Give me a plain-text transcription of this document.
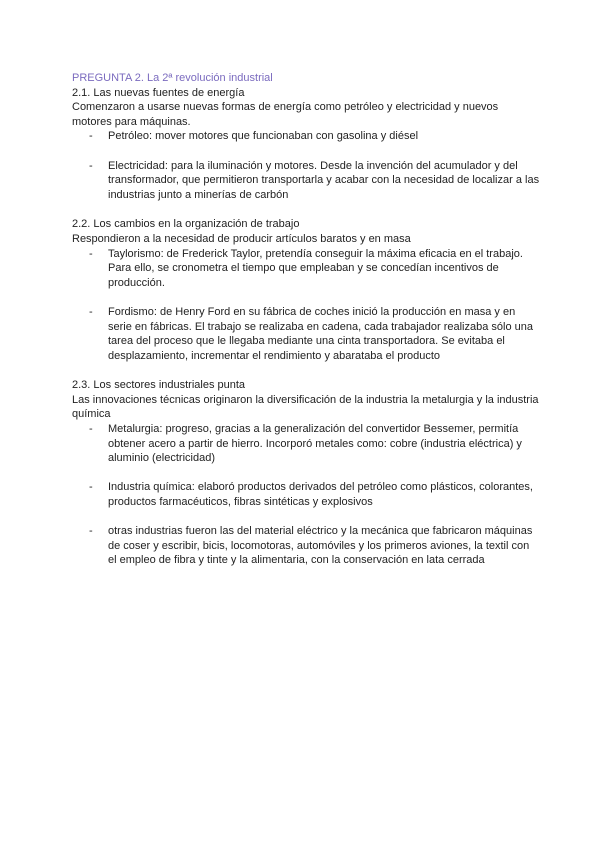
PREGUNTA 2. La 2ª revolución industrial

2.1. Las nuevas fuentes de energía

Comenzaron a usarse nuevas formas de energía como petróleo y electricidad y nuevos motores para máquinas.

- Petróleo: mover motores que funcionaban con gasolina y diésel
- Electricidad: para la iluminación y motores. Desde la invención del acumulador y del transformador, que permitieron transportarla y acabar con la necesidad de localizar a las industrias junto a minerías de carbón

2.2. Los cambios en la organización de trabajo

Respondieron a la necesidad de producir artículos baratos y en masa

- Taylorismo: de Frederick Taylor, pretendía conseguir la máxima eficacia en el trabajo. Para ello, se cronometra el tiempo que empleaban y se concedían incentivos de producción.
- Fordismo: de Henry Ford en su fábrica de coches inició la producción en masa y en serie en fábricas. El trabajo se realizaba en cadena, cada trabajador realizaba sólo una tarea del proceso que le llegaba mediante una cinta transportadora. Se evitaba el desplazamiento, incrementar el rendimiento y abarataba el producto

2.3. Los sectores industriales punta

Las innovaciones técnicas originaron la diversificación de la industria la metalurgia y la industria química

- Metalurgia: progreso, gracias a la generalización del convertidor Bessemer, permitía obtener acero a partir de hierro. Incorporó metales como: cobre (industria eléctrica) y aluminio (electricidad)
- Industria química: elaboró productos derivados del petróleo como plásticos, colorantes, productos farmacéuticos, fibras sintéticas y explosivos
- otras industrias fueron las del material eléctrico y la mecánica que fabricaron máquinas de coser y escribir, bicis, locomotoras, automóviles y los primeros aviones, la textil con el empleo de fibra y tinte y la alimentaria, con la conservación en lata cerrada
